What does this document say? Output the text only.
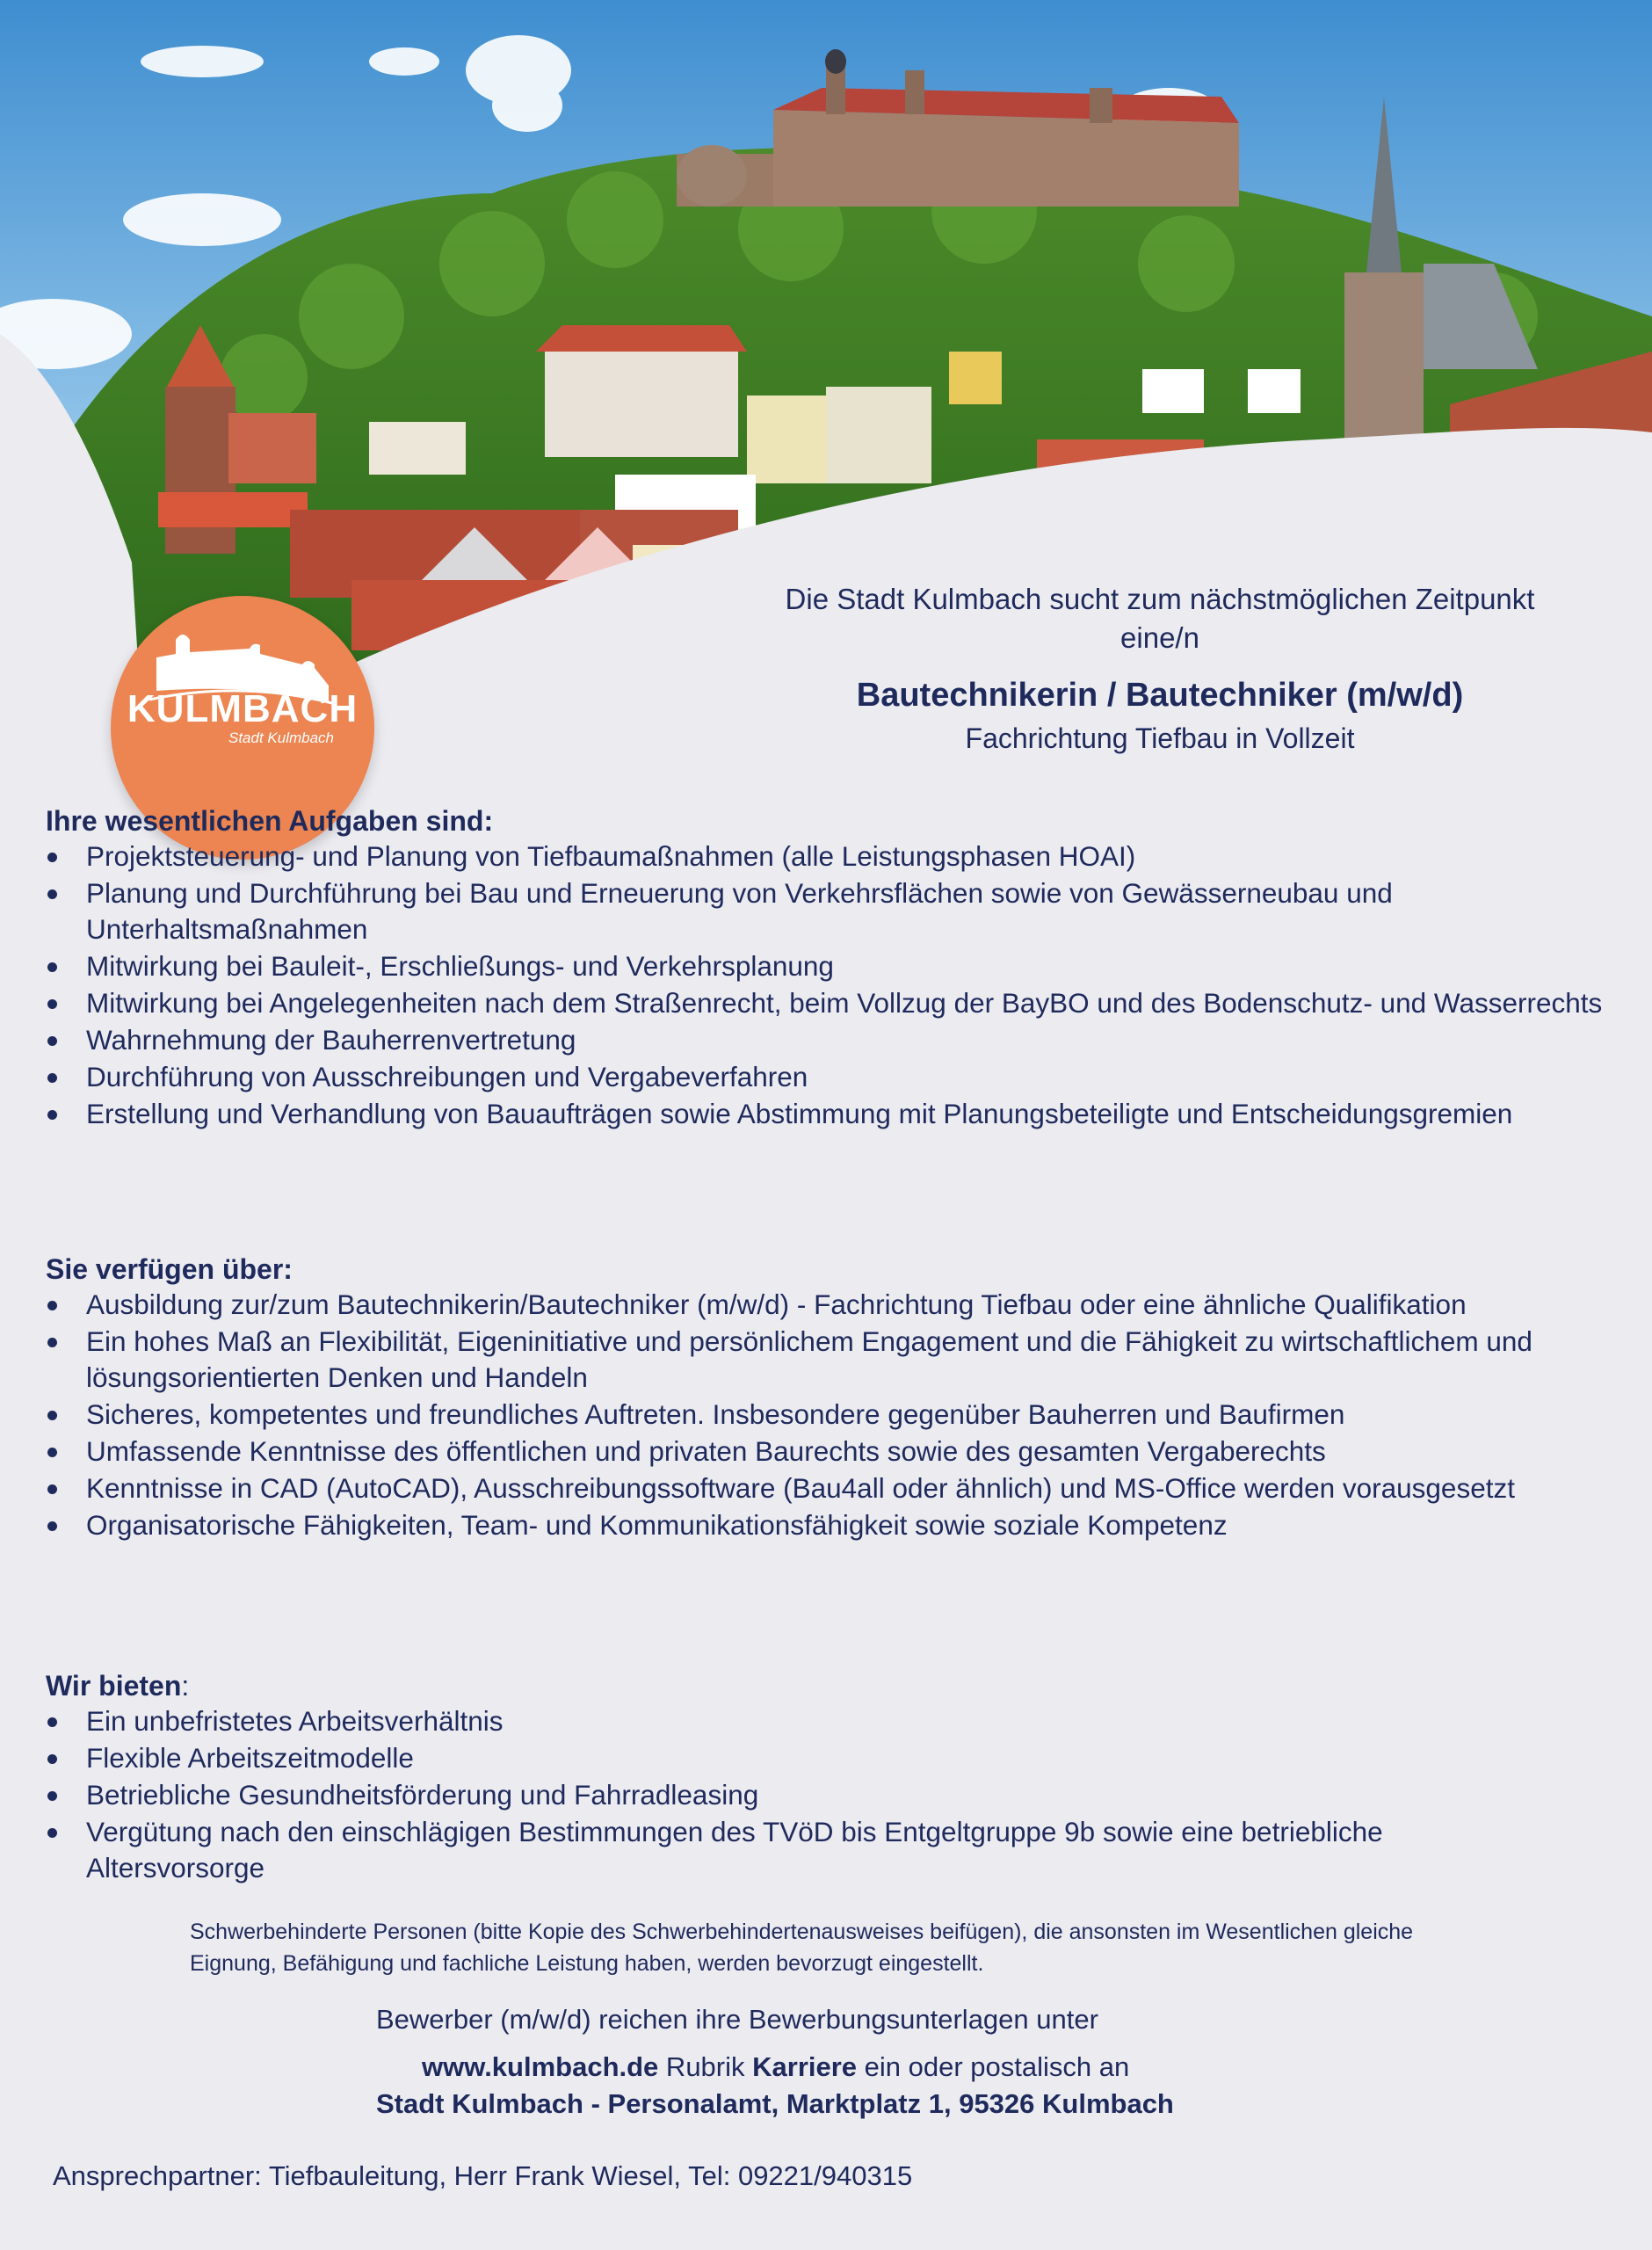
KULMBACH
Stadt Kulmbach
Die Stadt Kulmbach sucht zum nächstmöglichen Zeitpunkt
eine/n
Bautechnikerin / Bautechniker (m/w/d)
Fachrichtung Tiefbau in Vollzeit
Ihre wesentlichen Aufgaben sind:
Projektsteuerung- und Planung von Tiefbaumaßnahmen (alle Leistungsphasen HOAI)
Planung und Durchführung bei Bau und Erneuerung von Verkehrsflächen sowie von Gewässerneubau und Unterhaltsmaßnahmen
Mitwirkung bei Bauleit-, Erschließungs- und Verkehrsplanung
Mitwirkung bei Angelegenheiten nach dem Straßenrecht, beim Vollzug der BayBO und des Bodenschutz- und Wasserrechts
Wahrnehmung der Bauherrenvertretung
Durchführung von Ausschreibungen und Vergabeverfahren
Erstellung und Verhandlung von Bauaufträgen sowie Abstimmung mit Planungsbeteiligte und Entscheidungsgremien
Sie verfügen über:
Ausbildung zur/zum Bautechnikerin/Bautechniker (m/w/d) - Fachrichtung Tiefbau oder eine ähnliche Qualifikation
Ein hohes Maß an Flexibilität, Eigeninitiative und persönlichem Engagement und die Fähigkeit zu wirtschaftlichem und lösungsorientierten Denken und Handeln
Sicheres, kompetentes und freundliches Auftreten. Insbesondere gegenüber Bauherren und Baufirmen
Umfassende Kenntnisse des öffentlichen und privaten Baurechts sowie des gesamten Vergaberechts
Kenntnisse in CAD (AutoCAD), Ausschreibungssoftware (Bau4all oder ähnlich) und MS-Office werden vorausgesetzt
Organisatorische Fähigkeiten, Team- und Kommunikationsfähigkeit sowie soziale Kompetenz
Wir bieten:
Ein unbefristetes Arbeitsverhältnis
Flexible Arbeitszeitmodelle
Betriebliche Gesundheitsförderung und Fahrradleasing
Vergütung nach den einschlägigen Bestimmungen des TVöD bis Entgeltgruppe 9b sowie eine betriebliche Altersvorsorge
Schwerbehinderte Personen (bitte Kopie des Schwerbehindertenausweises beifügen), die ansonsten im Wesentlichen gleiche Eignung, Befähigung und fachliche Leistung haben, werden bevorzugt eingestellt.
Bewerber (m/w/d) reichen ihre Bewerbungsunterlagen unter
www.kulmbach.de Rubrik Karriere ein oder postalisch an
Stadt Kulmbach - Personalamt, Marktplatz 1, 95326 Kulmbach
Ansprechpartner: Tiefbauleitung, Herr Frank Wiesel, Tel: 09221/940315
